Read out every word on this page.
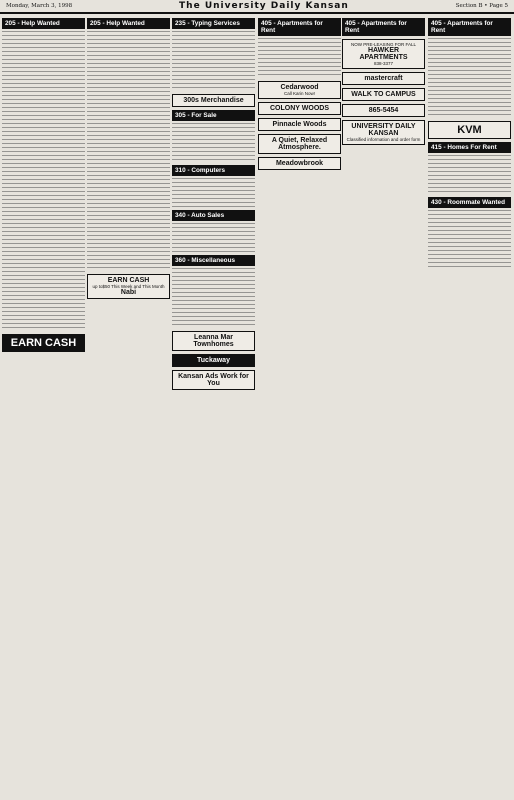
Monday, March 3, 1998	The University Daily Kansan	Section B • Page 5
205 - Help Wanted
EARN CASH
205 - Help Wanted
EARN CASH
up to$50 This Week and This Month
Nabi
235 - Typing Services
300s Merchandise
305 - For Sale
310 - Computers
340 - Auto Sales
360 - Miscellaneous
Leanna Mar Townhomes
Tuckaway
Kansan Ads Work for You
405 - Apartments for Rent
Cedarwood
Call Karin Now!
COLONY WOODS
Pinnacle Woods
A Quiet, Relaxed Atmosphere.
Meadowbrook
405 - Apartments for Rent
NOW PRE-LEASING FOR FALL
HAWKER APARTMENTS
838-3377
mastercraft
WALK TO CAMPUS
865-5454
UNIVERSITY DAILY KANSAN
Classified information and order form
405 - Apartments for Rent
KVM
415 - Homes For Rent
430 - Roommate Wanted
